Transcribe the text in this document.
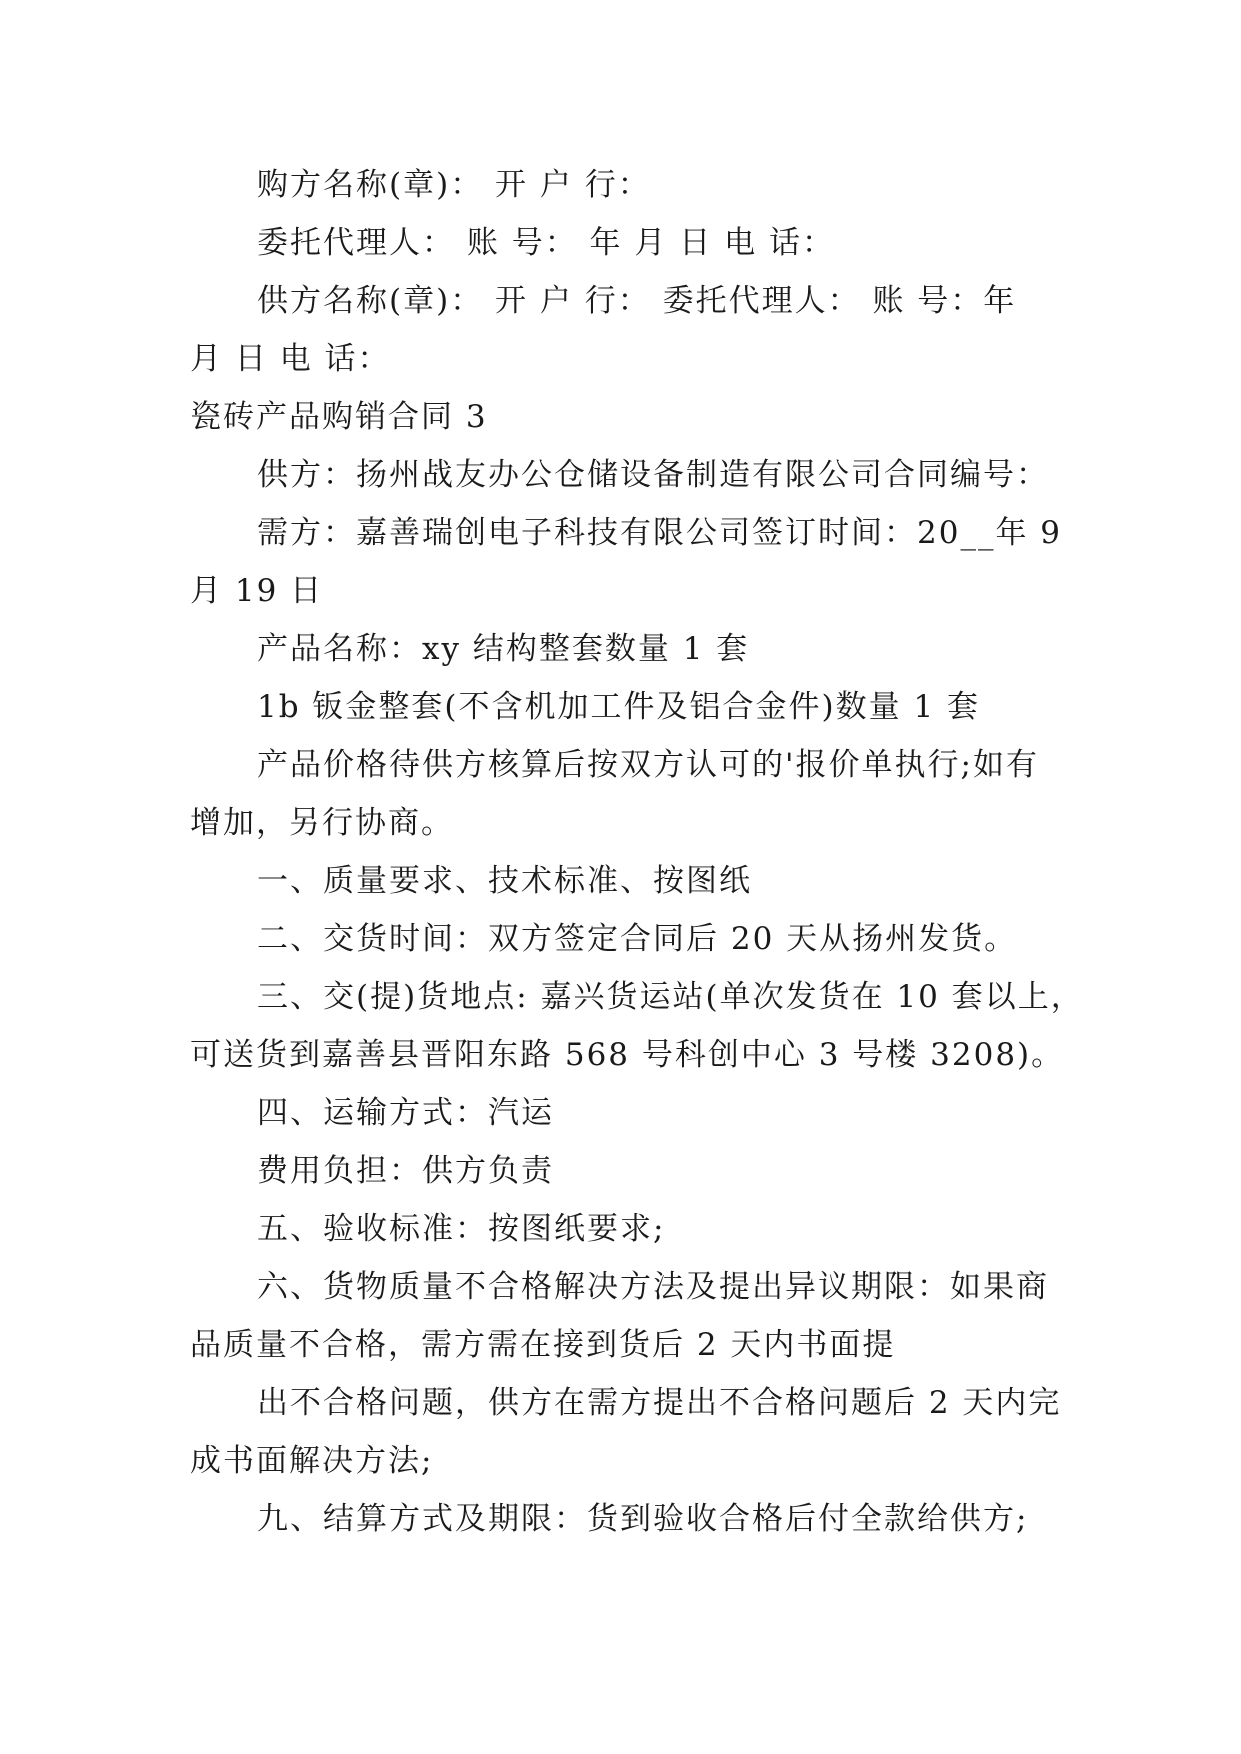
购方名称(章)： 开 户 行：
委托代理人： 账 号： 年 月 日 电 话：
供方名称(章)： 开 户 行： 委托代理人： 账 号：年
月 日 电 话：
瓷砖产品购销合同 3
供方：扬州战友办公仓储设备制造有限公司合同编号：
需方：嘉善瑞创电子科技有限公司签订时间：20__年 9
月 19 日
产品名称：xy 结构整套数量 1 套
1b 钣金整套(不含机加工件及铝合金件)数量 1 套
产品价格待供方核算后按双方认可的'报价单执行;如有
增加，另行协商。
一、质量要求、技术标准、按图纸
二、交货时间：双方签定合同后 20 天从扬州发货。
三、交(提)货地点: 嘉兴货运站(单次发货在 10 套以上，
可送货到嘉善县晋阳东路 568 号科创中心 3 号楼 3208)。
四、运输方式：汽运
费用负担：供方负责
五、验收标准：按图纸要求;
六、货物质量不合格解决方法及提出异议期限：如果商
品质量不合格，需方需在接到货后 2 天内书面提
出不合格问题，供方在需方提出不合格问题后 2 天内完
成书面解决方法;
九、结算方式及期限：货到验收合格后付全款给供方;
